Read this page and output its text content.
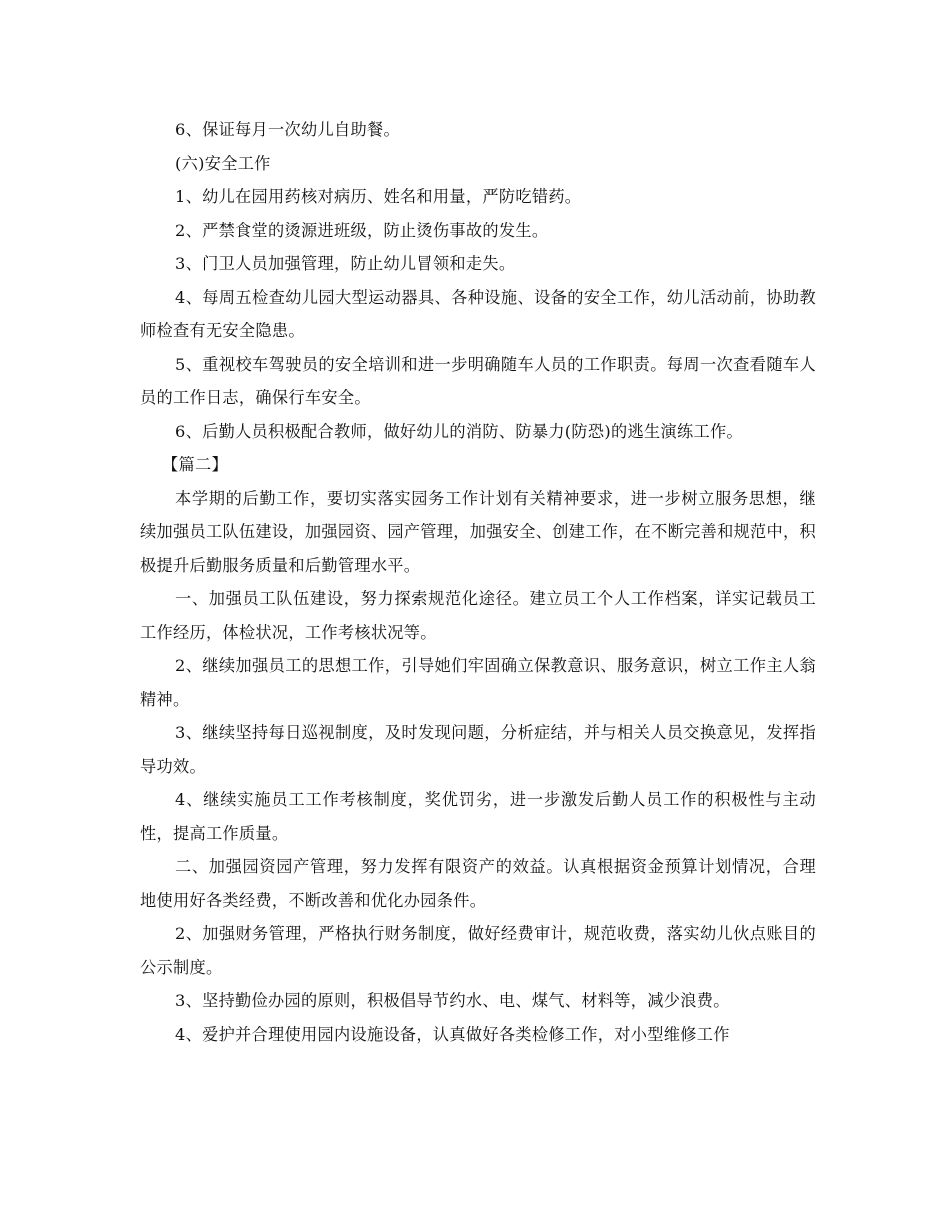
6、保证每月一次幼儿自助餐。

(六)安全工作

1、幼儿在园用药核对病历、姓名和用量，严防吃错药。

2、严禁食堂的烫源进班级，防止烫伤事故的发生。

3、门卫人员加强管理，防止幼儿冒领和走失。

4、每周五检查幼儿园大型运动器具、各种设施、设备的安全工作，幼儿活动前，协助教师检查有无安全隐患。

5、重视校车驾驶员的安全培训和进一步明确随车人员的工作职责。每周一次查看随车人员的工作日志，确保行车安全。

6、后勤人员积极配合教师，做好幼儿的消防、防暴力(防恐)的逃生演练工作。

【篇二】

本学期的后勤工作，要切实落实园务工作计划有关精神要求，进一步树立服务思想，继续加强员工队伍建设，加强园资、园产管理，加强安全、创建工作，在不断完善和规范中，积极提升后勤服务质量和后勤管理水平。

一、加强员工队伍建设，努力探索规范化途径。建立员工个人工作档案，详实记载员工工作经历，体检状况，工作考核状况等。

2、继续加强员工的思想工作，引导她们牢固确立保教意识、服务意识，树立工作主人翁精神。

3、继续坚持每日巡视制度，及时发现问题，分析症结，并与相关人员交换意见，发挥指导功效。

4、继续实施员工工作考核制度，奖优罚劣，进一步激发后勤人员工作的积极性与主动性，提高工作质量。

二、加强园资园产管理，努力发挥有限资产的效益。认真根据资金预算计划情况，合理地使用好各类经费，不断改善和优化办园条件。

2、加强财务管理，严格执行财务制度，做好经费审计，规范收费，落实幼儿伙点账目的公示制度。

3、坚持勤俭办园的原则，积极倡导节约水、电、煤气、材料等，减少浪费。

4、爱护并合理使用园内设施设备，认真做好各类检修工作，对小型维修工作
